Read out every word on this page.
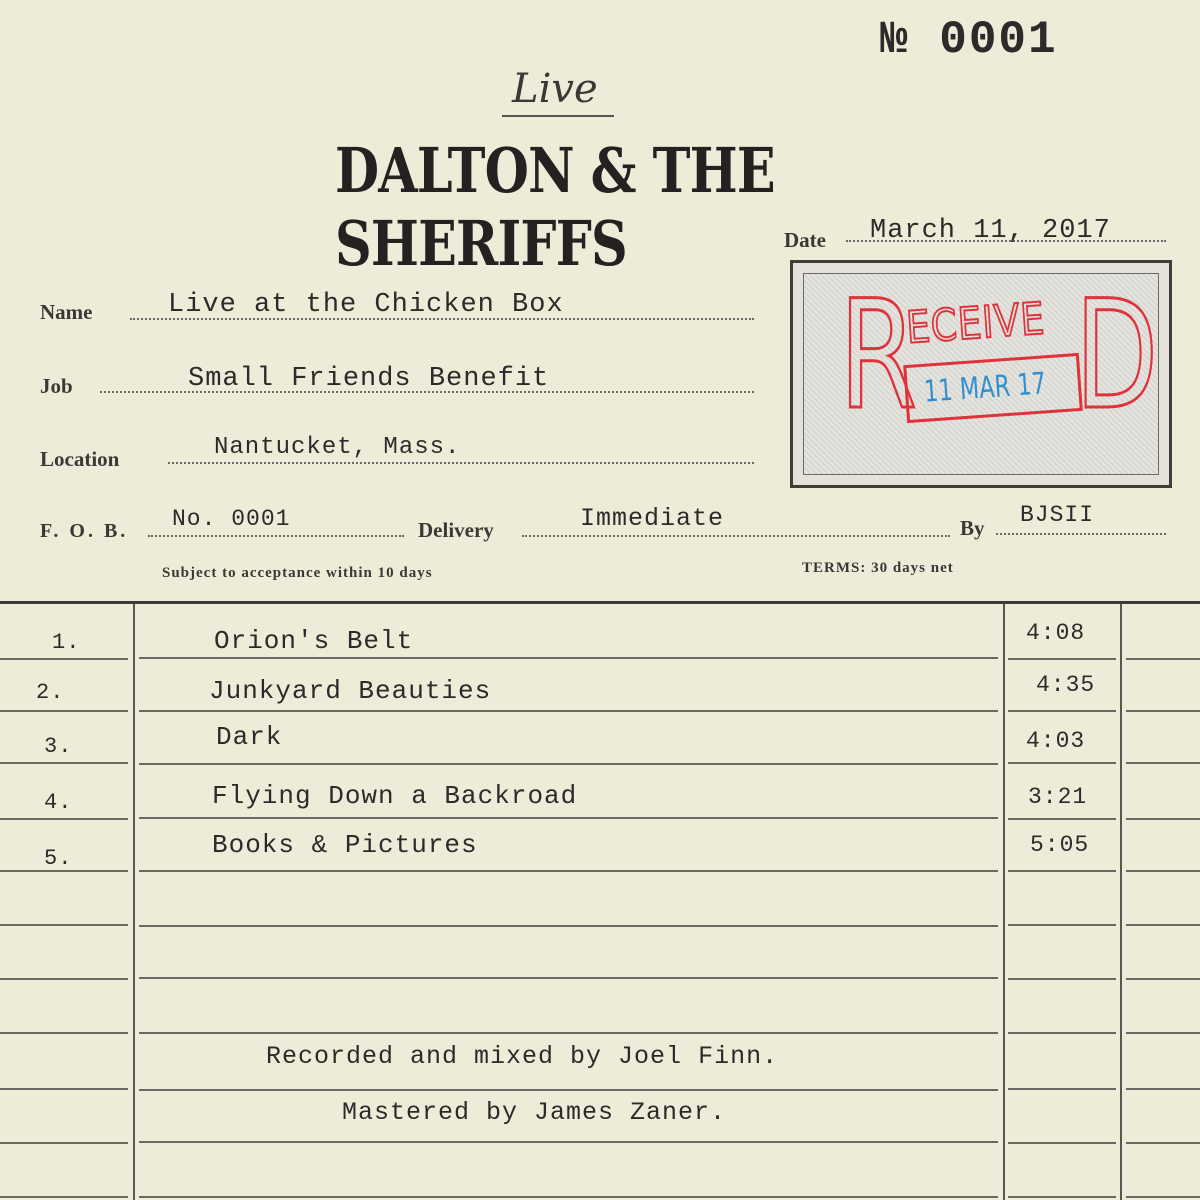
№ 0001
Live
DALTON & THE SHERIFFS	Date March 11, 2017
Name	Live at the Chicken Box
Job	Small Friends Benefit
Location	Nantucket, Mass.
F. O. B. No. 0001	Delivery	Immediate	By BJSII
Subject to acceptance within 10 days	TERMS: 30 days net
R
ECEIVE D
11 MAR 17
1.	Orion's Belt	4:08
2.	Junkyard Beauties	4:35
3.	Dark	4:03
4.	Flying Down a Backroad	3:21
5.	Books & Pictures	5:05
Recorded and mixed by Joel Finn.
Mastered by James Zaner.
